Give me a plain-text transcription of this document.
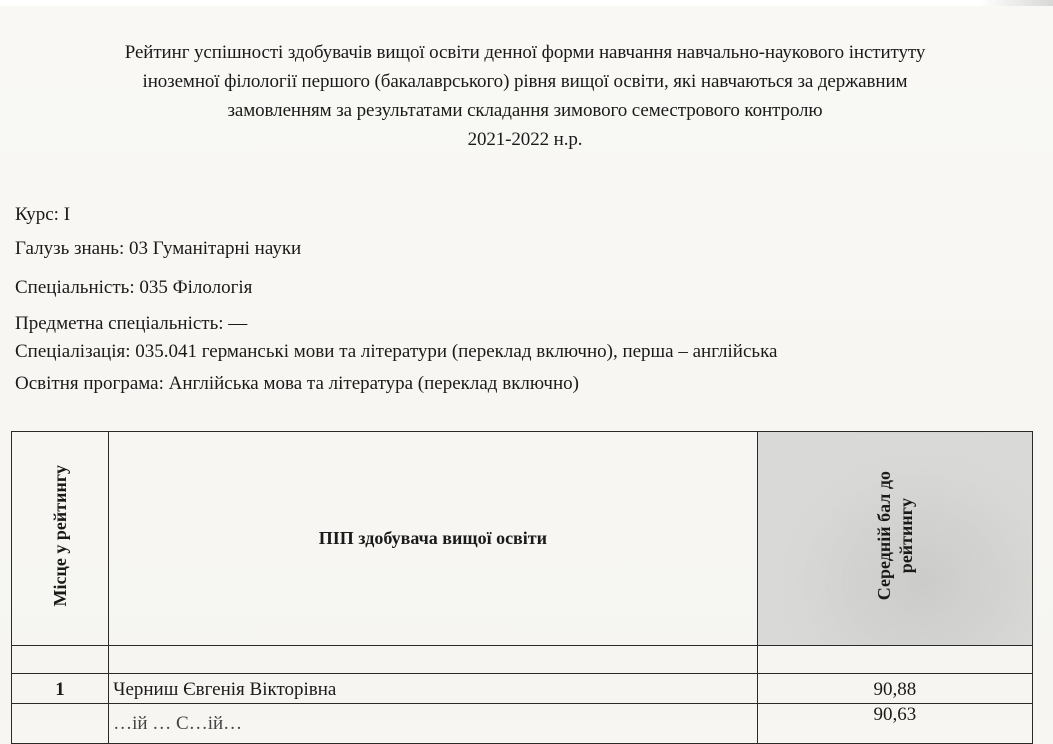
Рейтинг успішності здобувачів вищої освіти денної форми навчання навчально-наукового інституту
іноземної філології першого (бакалаврського) рівня вищої освіти, які навчаються за державним
замовленням за результатами складання зимового семестрового контролю
2021-2022 н.р.
Курс: І
Галузь знань: 03 Гуманітарні науки
Спеціальність: 035 Філологія
Предметна спеціальність: —
Спеціалізація: 035.041 германські мови та літератури (переклад включно), перша – англійська
Освітня програма: Англійська мова та література (переклад включно)
Місце у рейтингу	ПІП здобувача вищої освіти	Середній бал до рейтингу

1	Черниш Євгенія Вікторівна	90,88
	…ій … С…ій…	90,63
